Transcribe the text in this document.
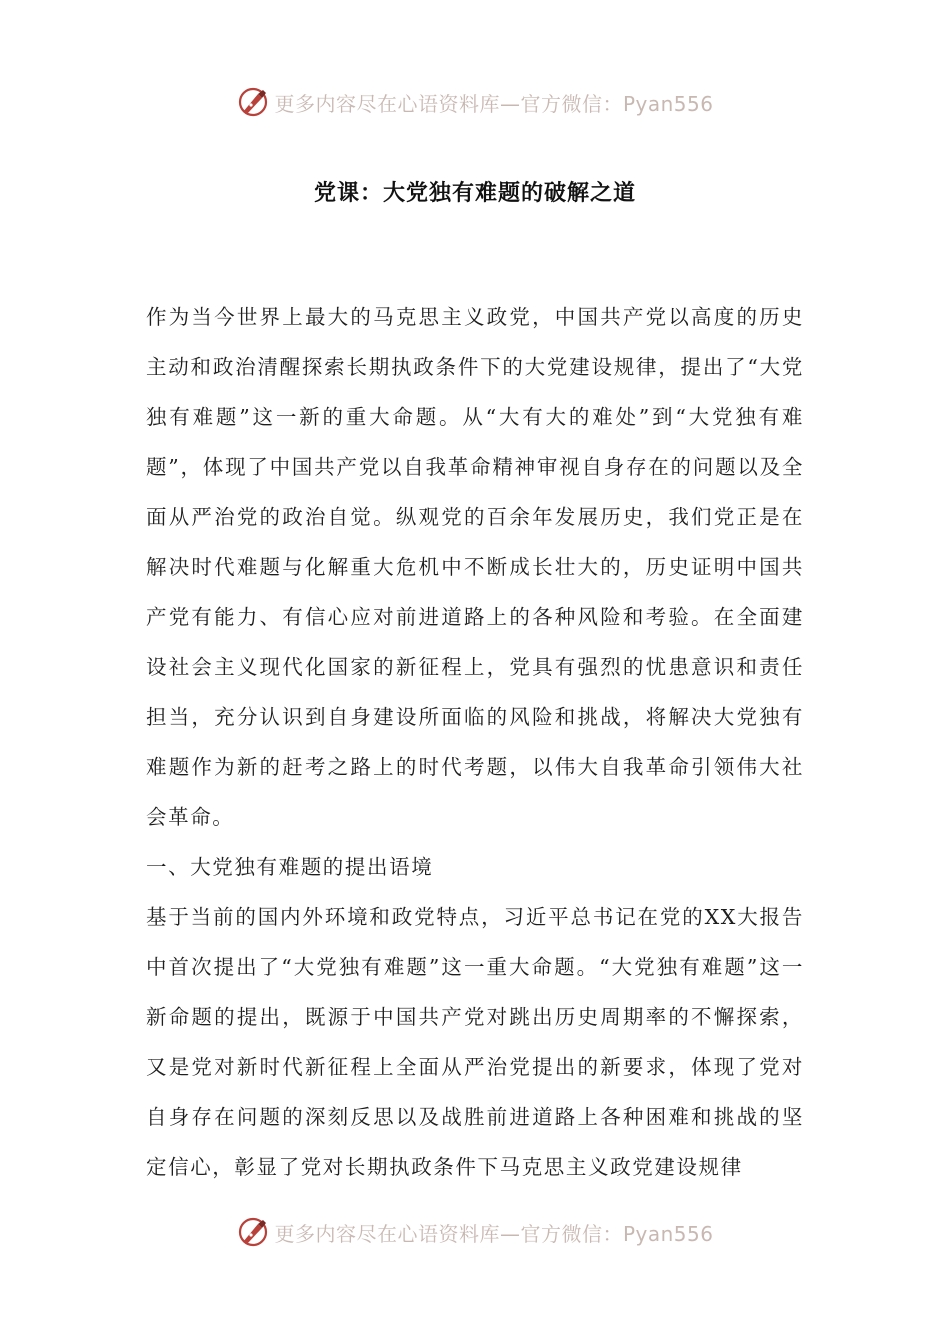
更多内容尽在心语资料库—官方微信：Pyan556
党课：大党独有难题的破解之道

作为当今世界上最大的马克思主义政党，中国共产党以高度的历史主动和政治清醒探索长期执政条件下的大党建设规律，提出了“大党独有难题”这一新的重大命题。从“大有大的难处”到“大党独有难题”，体现了中国共产党以自我革命精神审视自身存在的问题以及全面从严治党的政治自觉。纵观党的百余年发展历史，我们党正是在解决时代难题与化解重大危机中不断成长壮大的，历史证明中国共产党有能力、有信心应对前进道路上的各种风险和考验。在全面建设社会主义现代化国家的新征程上，党具有强烈的忧患意识和责任担当，充分认识到自身建设所面临的风险和挑战，将解决大党独有难题作为新的赶考之路上的时代考题，以伟大自我革命引领伟大社会革命。

一、大党独有难题的提出语境

基于当前的国内外环境和政党特点，习近平总书记在党的XX大报告中首次提出了“大党独有难题”这一重大命题。“大党独有难题”这一新命题的提出，既源于中国共产党对跳出历史周期率的不懈探索，又是党对新时代新征程上全面从严治党提出的新要求，体现了党对自身存在问题的深刻反思以及战胜前进道路上各种困难和挑战的坚定信心，彰显了党对长期执政条件下马克思主义政党建设规律

更多内容尽在心语资料库—官方微信：Pyan556
